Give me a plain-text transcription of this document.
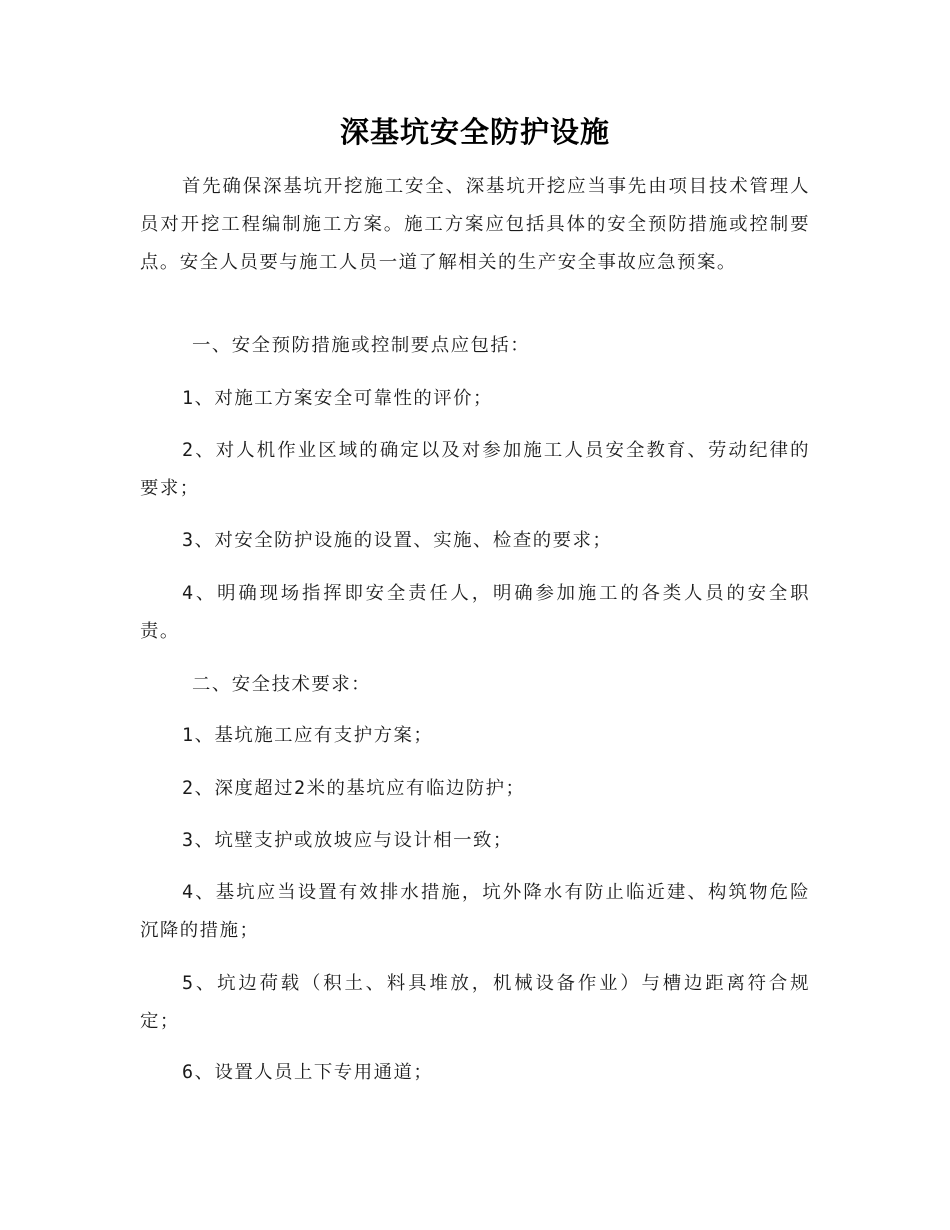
深基坑安全防护设施

首先确保深基坑开挖施工安全、深基坑开挖应当事先由项目技术管理人员对开挖工程编制施工方案。施工方案应包括具体的安全预防措施或控制要点。安全人员要与施工人员一道了解相关的生产安全事故应急预案。

一、安全预防措施或控制要点应包括：

1、对施工方案安全可靠性的评价；

2、对人机作业区域的确定以及对参加施工人员安全教育、劳动纪律的要求；

3、对安全防护设施的设置、实施、检查的要求；

4、明确现场指挥即安全责任人，明确参加施工的各类人员的安全职责。

二、安全技术要求：

1、基坑施工应有支护方案；

2、深度超过2米的基坑应有临边防护；

3、坑壁支护或放坡应与设计相一致；

4、基坑应当设置有效排水措施，坑外降水有防止临近建、构筑物危险沉降的措施；

5、坑边荷载（积土、料具堆放，机械设备作业）与槽边距离符合规定；

6、设置人员上下专用通道；
